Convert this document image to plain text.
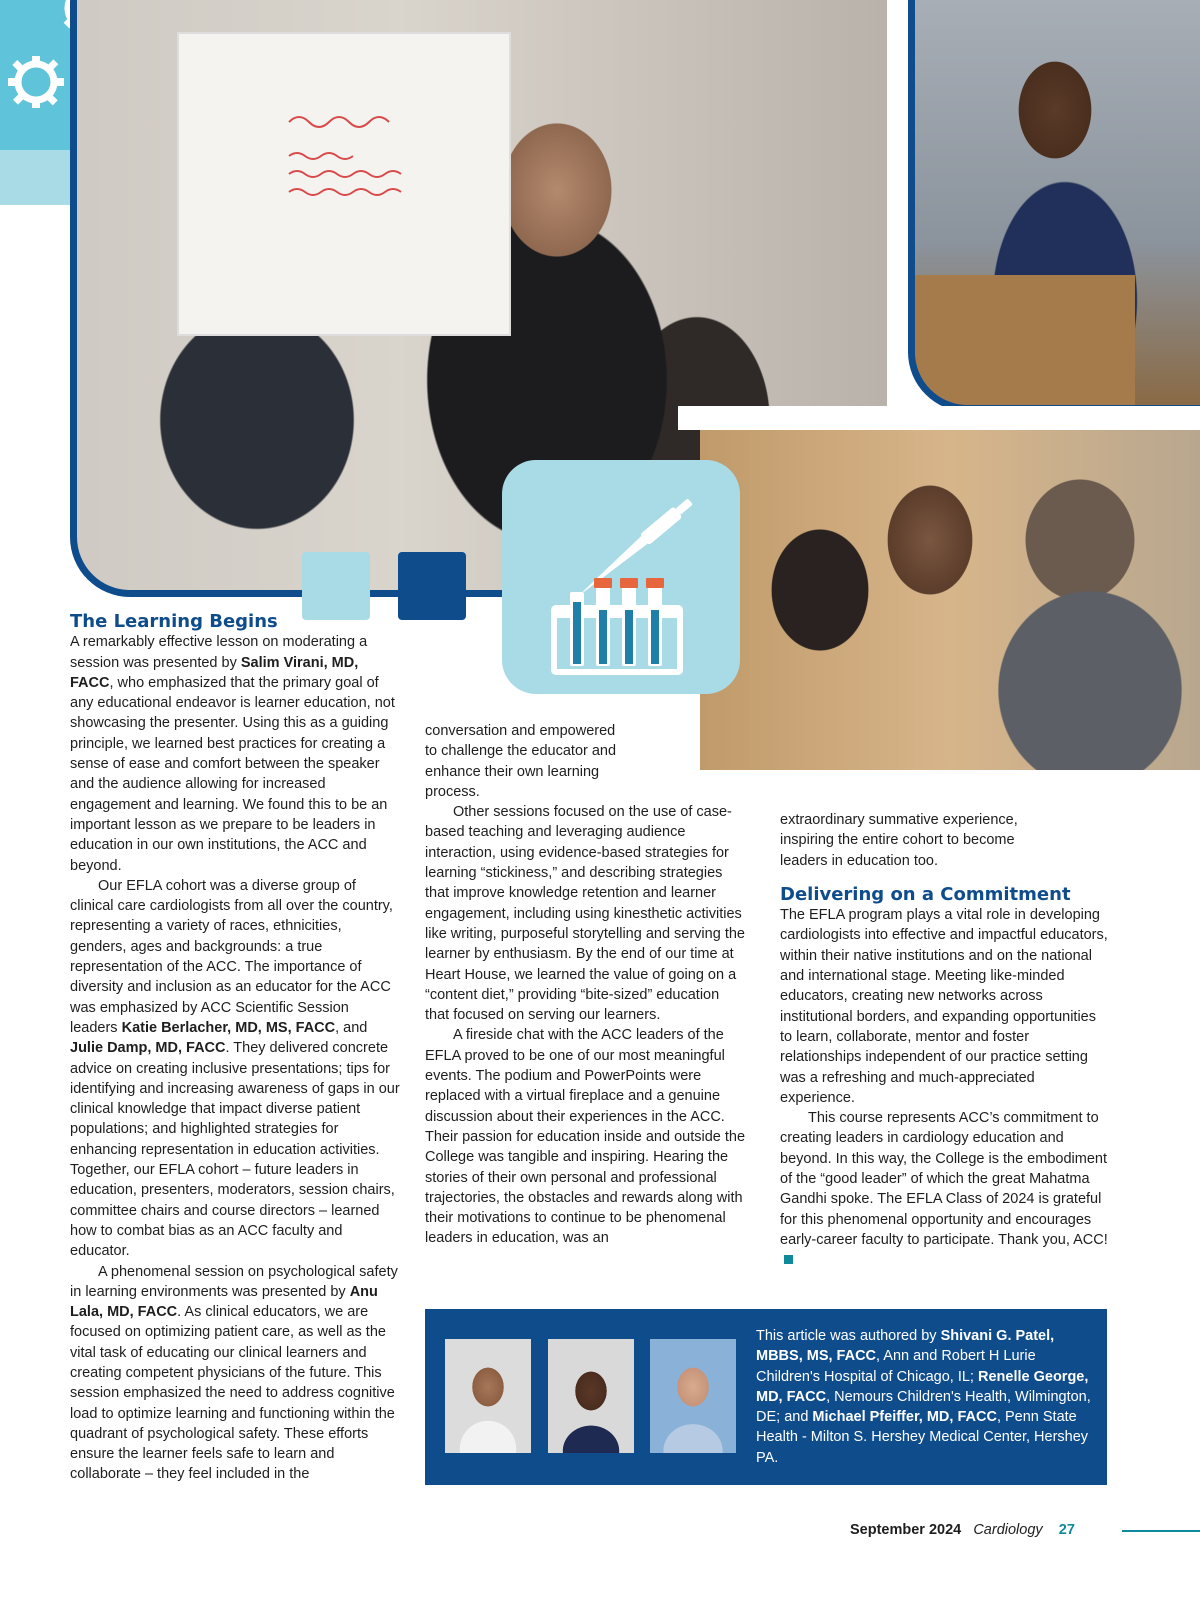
The Learning Begins

A remarkably effective lesson on moderating a session was presented by Salim Virani, MD, FACC, who emphasized that the primary goal of any educational endeavor is learner education, not showcasing the presenter. Using this as a guiding principle, we learned best practices for creating a sense of ease and comfort between the speaker and the audience allowing for increased engagement and learning. We found this to be an important lesson as we prepare to be leaders in education in our own institutions, the ACC and beyond.

Our EFLA cohort was a diverse group of clinical care cardiologists from all over the country, representing a variety of races, ethnicities, genders, ages and backgrounds: a true representation of the ACC. The importance of diversity and inclusion as an educator for the ACC was emphasized by ACC Scientific Session leaders Katie Berlacher, MD, MS, FACC, and Julie Damp, MD, FACC. They delivered concrete advice on creating inclusive presentations; tips for identifying and increasing awareness of gaps in our clinical knowledge that impact diverse patient populations; and highlighted strategies for enhancing representation in education activities. Together, our EFLA cohort – future leaders in education, presenters, moderators, session chairs, committee chairs and course directors – learned how to combat bias as an ACC faculty and educator.

A phenomenal session on psychological safety in learning environments was presented by Anu Lala, MD, FACC. As clinical educators, we are focused on optimizing patient care, as well as the vital task of educating our clinical learners and creating competent physicians of the future. This session emphasized the need to address cognitive load to optimize learning and functioning within the quadrant of psychological safety. These efforts ensure the learner feels safe to learn and collaborate – they feel included in the

conversation and empowered to challenge the educator and enhance their own learning process.

Other sessions focused on the use of case-based teaching and leveraging audience interaction, using evidence-based strategies for learning “stickiness,” and describing strategies that improve knowledge retention and learner engagement, including using kinesthetic activities like writing, purposeful storytelling and serving the learner by enthusiasm. By the end of our time at Heart House, we learned the value of going on a “content diet,” providing “bite-sized” education that focused on serving our learners.

A fireside chat with the ACC leaders of the EFLA proved to be one of our most meaningful events. The podium and PowerPoints were replaced with a virtual fireplace and a genuine discussion about their experiences in the ACC. Their passion for education inside and outside the College was tangible and inspiring. Hearing the stories of their own personal and professional trajectories, the obstacles and rewards along with their motivations to continue to be phenomenal leaders in education, was an

extraordinary summative experience, inspiring the entire cohort to become leaders in education too.

Delivering on a Commitment

The EFLA program plays a vital role in developing cardiologists into effective and impactful educators, within their native institutions and on the national and international stage. Meeting like-minded educators, creating new networks across institutional borders, and expanding opportunities to learn, collaborate, mentor and foster relationships independent of our practice setting was a refreshing and much-appreciated experience.

This course represents ACC’s commitment to creating leaders in cardiology education and beyond. In this way, the College is the embodiment of the “good leader” of which the great Mahatma Gandhi spoke. The EFLA Class of 2024 is grateful for this phenomenal opportunity and encourages early-career faculty to participate. Thank you, ACC!

This article was authored by Shivani G. Patel, MBBS, MS, FACC, Ann and Robert H Lurie Children's Hospital of Chicago, IL; Renelle George, MD, FACC, Nemours Children's Health, Wilmington, DE; and Michael Pfeiffer, MD, FACC, Penn State Health - Milton S. Hershey Medical Center, Hershey PA.
September 2024 Cardiology 27
